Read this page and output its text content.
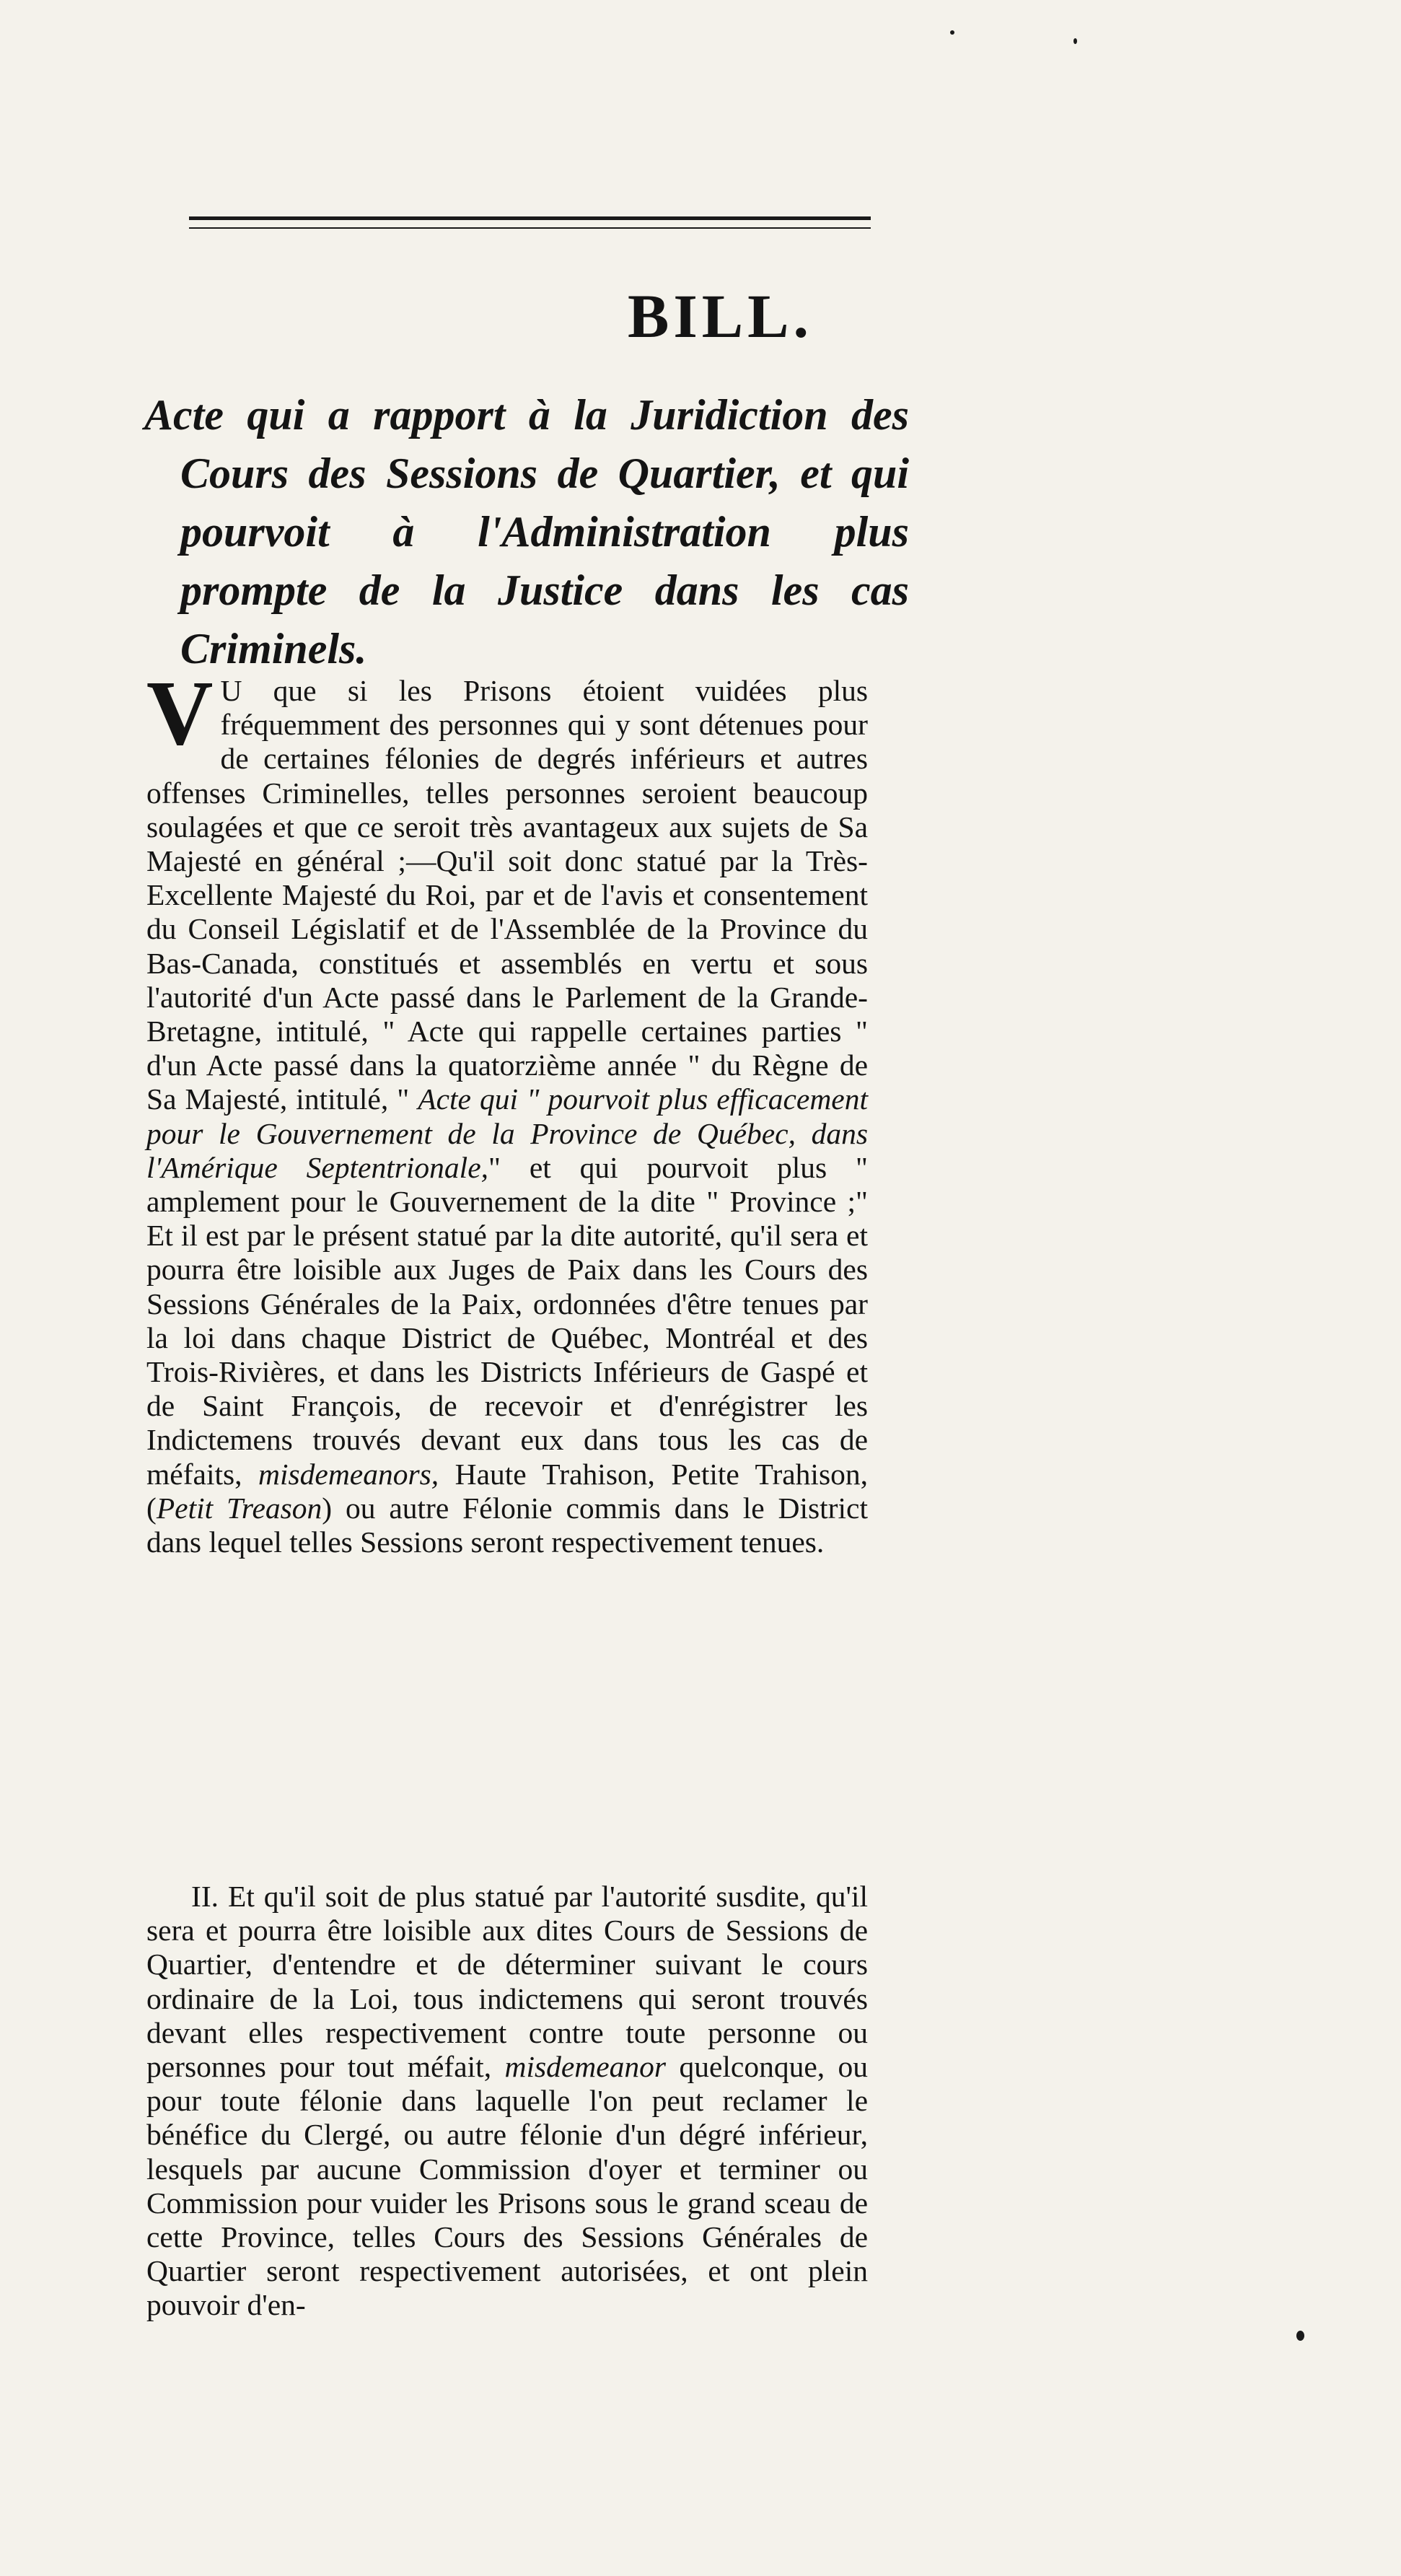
BILL.

Acte qui a rapport à la Juridiction des Cours des Sessions de Quartier, et qui pourvoit à l'Administration plus prompte de la Justice dans les cas Criminels.

V U que si les Prisons étoient vuidées plus fréquemment des personnes qui y sont détenues pour de certaines félonies de degrés inférieurs et autres offenses Criminelles, telles personnes seroient beaucoup soulagées et que ce seroit très avantageux aux sujets de Sa Majesté en général ;—Qu'il soit donc statué par la Très-Excellente Majesté du Roi, par et de l'avis et consentement du Conseil Législatif et de l'Assemblée de la Province du Bas-Canada, constitués et assemblés en vertu et sous l'autorité d'un Acte passé dans le Parlement de la Grande-Bretagne, intitulé, " Acte qui rappelle certaines parties " d'un Acte passé dans la quatorzième année " du Règne de Sa Majesté, intitulé, " Acte qui " pourvoit plus efficacement pour le Gouvernement de la Province de Québec, dans l'Amérique Septentrionale," et qui pourvoit plus " amplement pour le Gouvernement de la dite " Province ;" Et il est par le présent statué par la dite autorité, qu'il sera et pourra être loisible aux Juges de Paix dans les Cours des Sessions Générales de la Paix, ordonnées d'être tenues par la loi dans chaque District de Québec, Montréal et des Trois-Rivières, et dans les Districts Inférieurs de Gaspé et de Saint François, de recevoir et d'enrégistrer les Indictemens trouvés devant eux dans tous les cas de méfaits, misdemeanors, Haute Trahison, Petite Trahison, (Petit Treason) ou autre Félonie commis dans le District dans lequel telles Sessions seront respectivement tenues.

II. Et qu'il soit de plus statué par l'autorité susdite, qu'il sera et pourra être loisible aux dites Cours de Sessions de Quartier, d'entendre et de déterminer suivant le cours ordinaire de la Loi, tous indictemens qui seront trouvés devant elles respectivement contre toute personne ou personnes pour tout méfait, misdemeanor quelconque, ou pour toute félonie dans laquelle l'on peut reclamer le bénéfice du Clergé, ou autre félonie d'un dégré inférieur, lesquels par aucune Commission d'oyer et terminer ou Commission pour vuider les Prisons sous le grand sceau de cette Province, telles Cours des Sessions Générales de Quartier seront respectivement autorisées, et ont plein pouvoir d'en-
